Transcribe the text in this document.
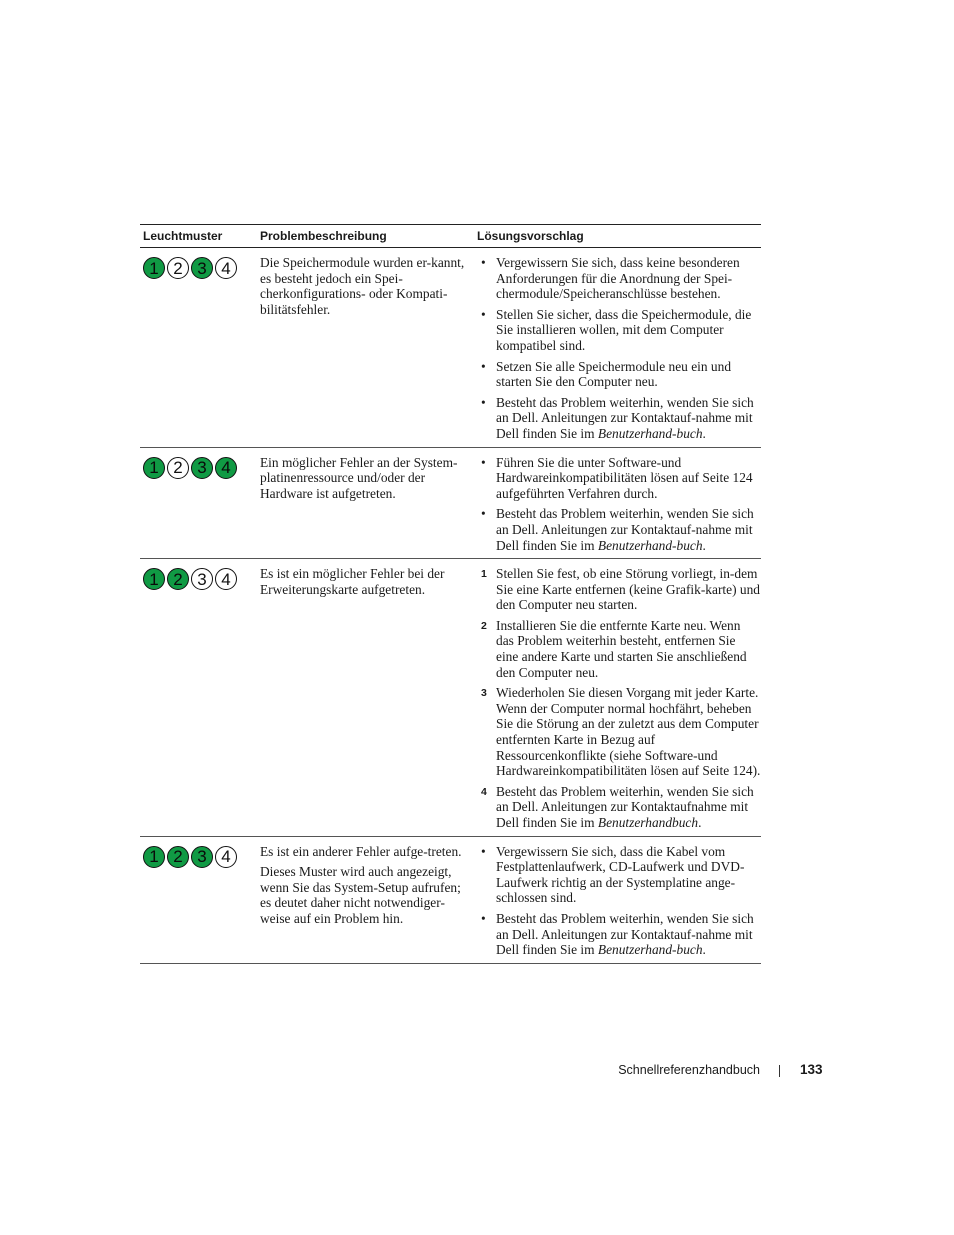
Leuchtmuster	Problembeschreibung	Lösungsvorschlag
1 2 3 4	Die Speichermodule wurden er-kannt, es besteht jedoch ein Spei-cherkonfigurations- oder Kompati-bilitätsfehler.

• Vergewissern Sie sich, dass keine besonderen Anforderungen für die Anordnung der Spei-chermodule/Speicheranschlüsse bestehen.
• Stellen Sie sicher, dass die Speichermodule, die Sie installieren wollen, mit dem Computer kompatibel sind.
• Setzen Sie alle Speichermodule neu ein und starten Sie den Computer neu.
• Besteht das Problem weiterhin, wenden Sie sich an Dell. Anleitungen zur Kontaktauf-nahme mit Dell finden Sie im Benutzerhand-buch.
1 2 3 4	Ein möglicher Fehler an der System-platinenressource und/oder der Hardware ist aufgetreten.

• Führen Sie die unter Software-und Hardwareinkompatibilitäten lösen auf Seite 124 aufgeführten Verfahren durch.
• Besteht das Problem weiterhin, wenden Sie sich an Dell. Anleitungen zur Kontaktauf-nahme mit Dell finden Sie im Benutzerhand-buch.
1 2 3 4	Es ist ein möglicher Fehler bei der Erweiterungskarte aufgetreten.

1 Stellen Sie fest, ob eine Störung vorliegt, in-dem Sie eine Karte entfernen (keine Grafik-karte) und den Computer neu starten.
2 Installieren Sie die entfernte Karte neu. Wenn das Problem weiterhin besteht, entfernen Sie eine andere Karte und starten Sie anschließend den Computer neu.
3 Wiederholen Sie diesen Vorgang mit jeder Karte. Wenn der Computer normal hochfährt, beheben Sie die Störung an der zuletzt aus dem Computer entfernten Karte in Bezug auf Ressourcenkonflikte (siehe Software-und Hardwareinkompatibilitäten lösen auf Seite 124).
4 Besteht das Problem weiterhin, wenden Sie sich an Dell. Anleitungen zur Kontaktaufnahme mit Dell finden Sie im Benutzerhandbuch.
1 2 3 4	Es ist ein anderer Fehler aufge-treten.

Dieses Muster wird auch angezeigt, wenn Sie das System-Setup aufrufen; es deutet daher nicht notwendiger-weise auf ein Problem hin.

• Vergewissern Sie sich, dass die Kabel vom Festplattenlaufwerk, CD-Laufwerk und DVD-Laufwerk richtig an der Systemplatine ange-schlossen sind.
• Besteht das Problem weiterhin, wenden Sie sich an Dell. Anleitungen zur Kontaktauf-nahme mit Dell finden Sie im Benutzerhand-buch.
Schnellreferenzhandbuch	133
